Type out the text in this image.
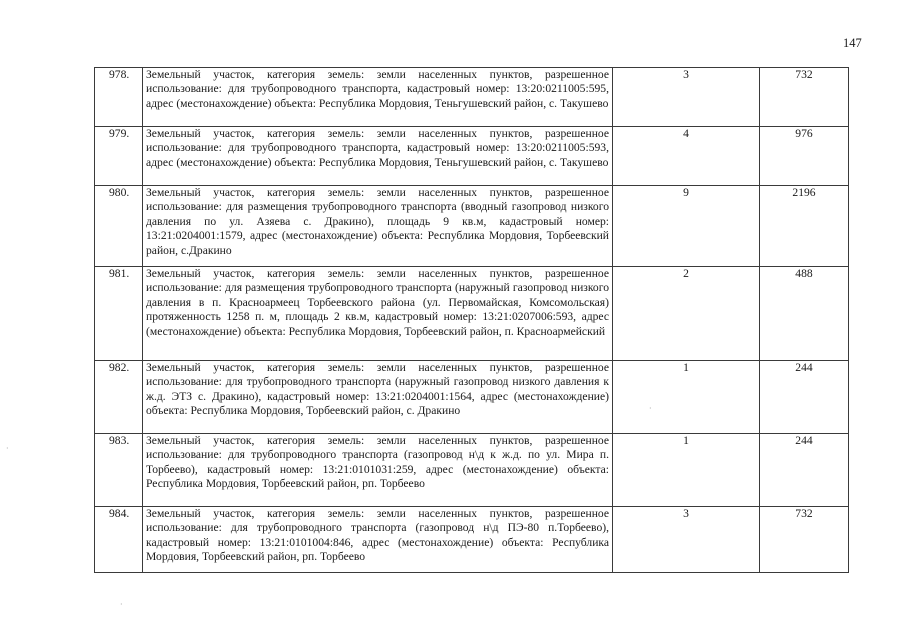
147
978.	Земельный участок, категория земель: земли населенных пунктов, разрешенное использование: для трубопроводного транспорта, кадастровый номер: 13:20:0211005:595, адрес (местонахождение) объекта: Республика Мордовия, Теньгушевский район, с. Такушево	3	732
979.	Земельный участок, категория земель: земли населенных пунктов, разрешенное использование: для трубопроводного транспорта, кадастровый номер: 13:20:0211005:593, адрес (местонахождение) объекта: Республика Мордовия, Теньгушевский район, с. Такушево	4	976
980.	Земельный участок, категория земель: земли населенных пунктов, разрешенное использование: для размещения трубопроводного транспорта (вводный газопровод низкого давления по ул. Азяева с. Дракино), площадь 9 кв.м, кадастровый номер: 13:21:0204001:1579, адрес (местонахождение) объекта: Республика Мордовия, Торбеевский район, с.Дракино	9	2196
981.	Земельный участок, категория земель: земли населенных пунктов, разрешенное использование: для размещения трубопроводного транспорта (наружный газопровод низкого давления в п. Красноармеец Торбеевского района (ул. Первомайская, Комсомольская) протяженность 1258 п. м, площадь 2 кв.м, кадастровый номер: 13:21:0207006:593, адрес (местонахождение) объекта: Республика Мордовия, Торбеевский район, п. Красноармейский	2	488
982.	Земельный участок, категория земель: земли населенных пунктов, разрешенное использование: для трубопроводного транспорта (наружный газопровод низкого давления к ж.д. ЭТЗ с. Дракино), кадастровый номер: 13:21:0204001:1564, адрес (местонахождение) объекта: Республика Мордовия, Торбеевский район, с. Дракино	1	244
983.	Земельный участок, категория земель: земли населенных пунктов, разрешенное использование: для трубопроводного транспорта (газопровод н\д к ж.д. по ул. Мира п. Торбеево), кадастровый номер: 13:21:0101031:259, адрес (местонахождение) объекта: Республика Мордовия, Торбеевский район, рп. Торбеево	1	244
984.	Земельный участок, категория земель: земли населенных пунктов, разрешенное использование: для трубопроводного транспорта (газопровод н\д ПЭ-80 п.Торбеево), кадастровый номер: 13:21:0101004:846, адрес (местонахождение) объекта: Республика Мордовия, Торбеевский район, рп. Торбеево	3	732
·
·
·
